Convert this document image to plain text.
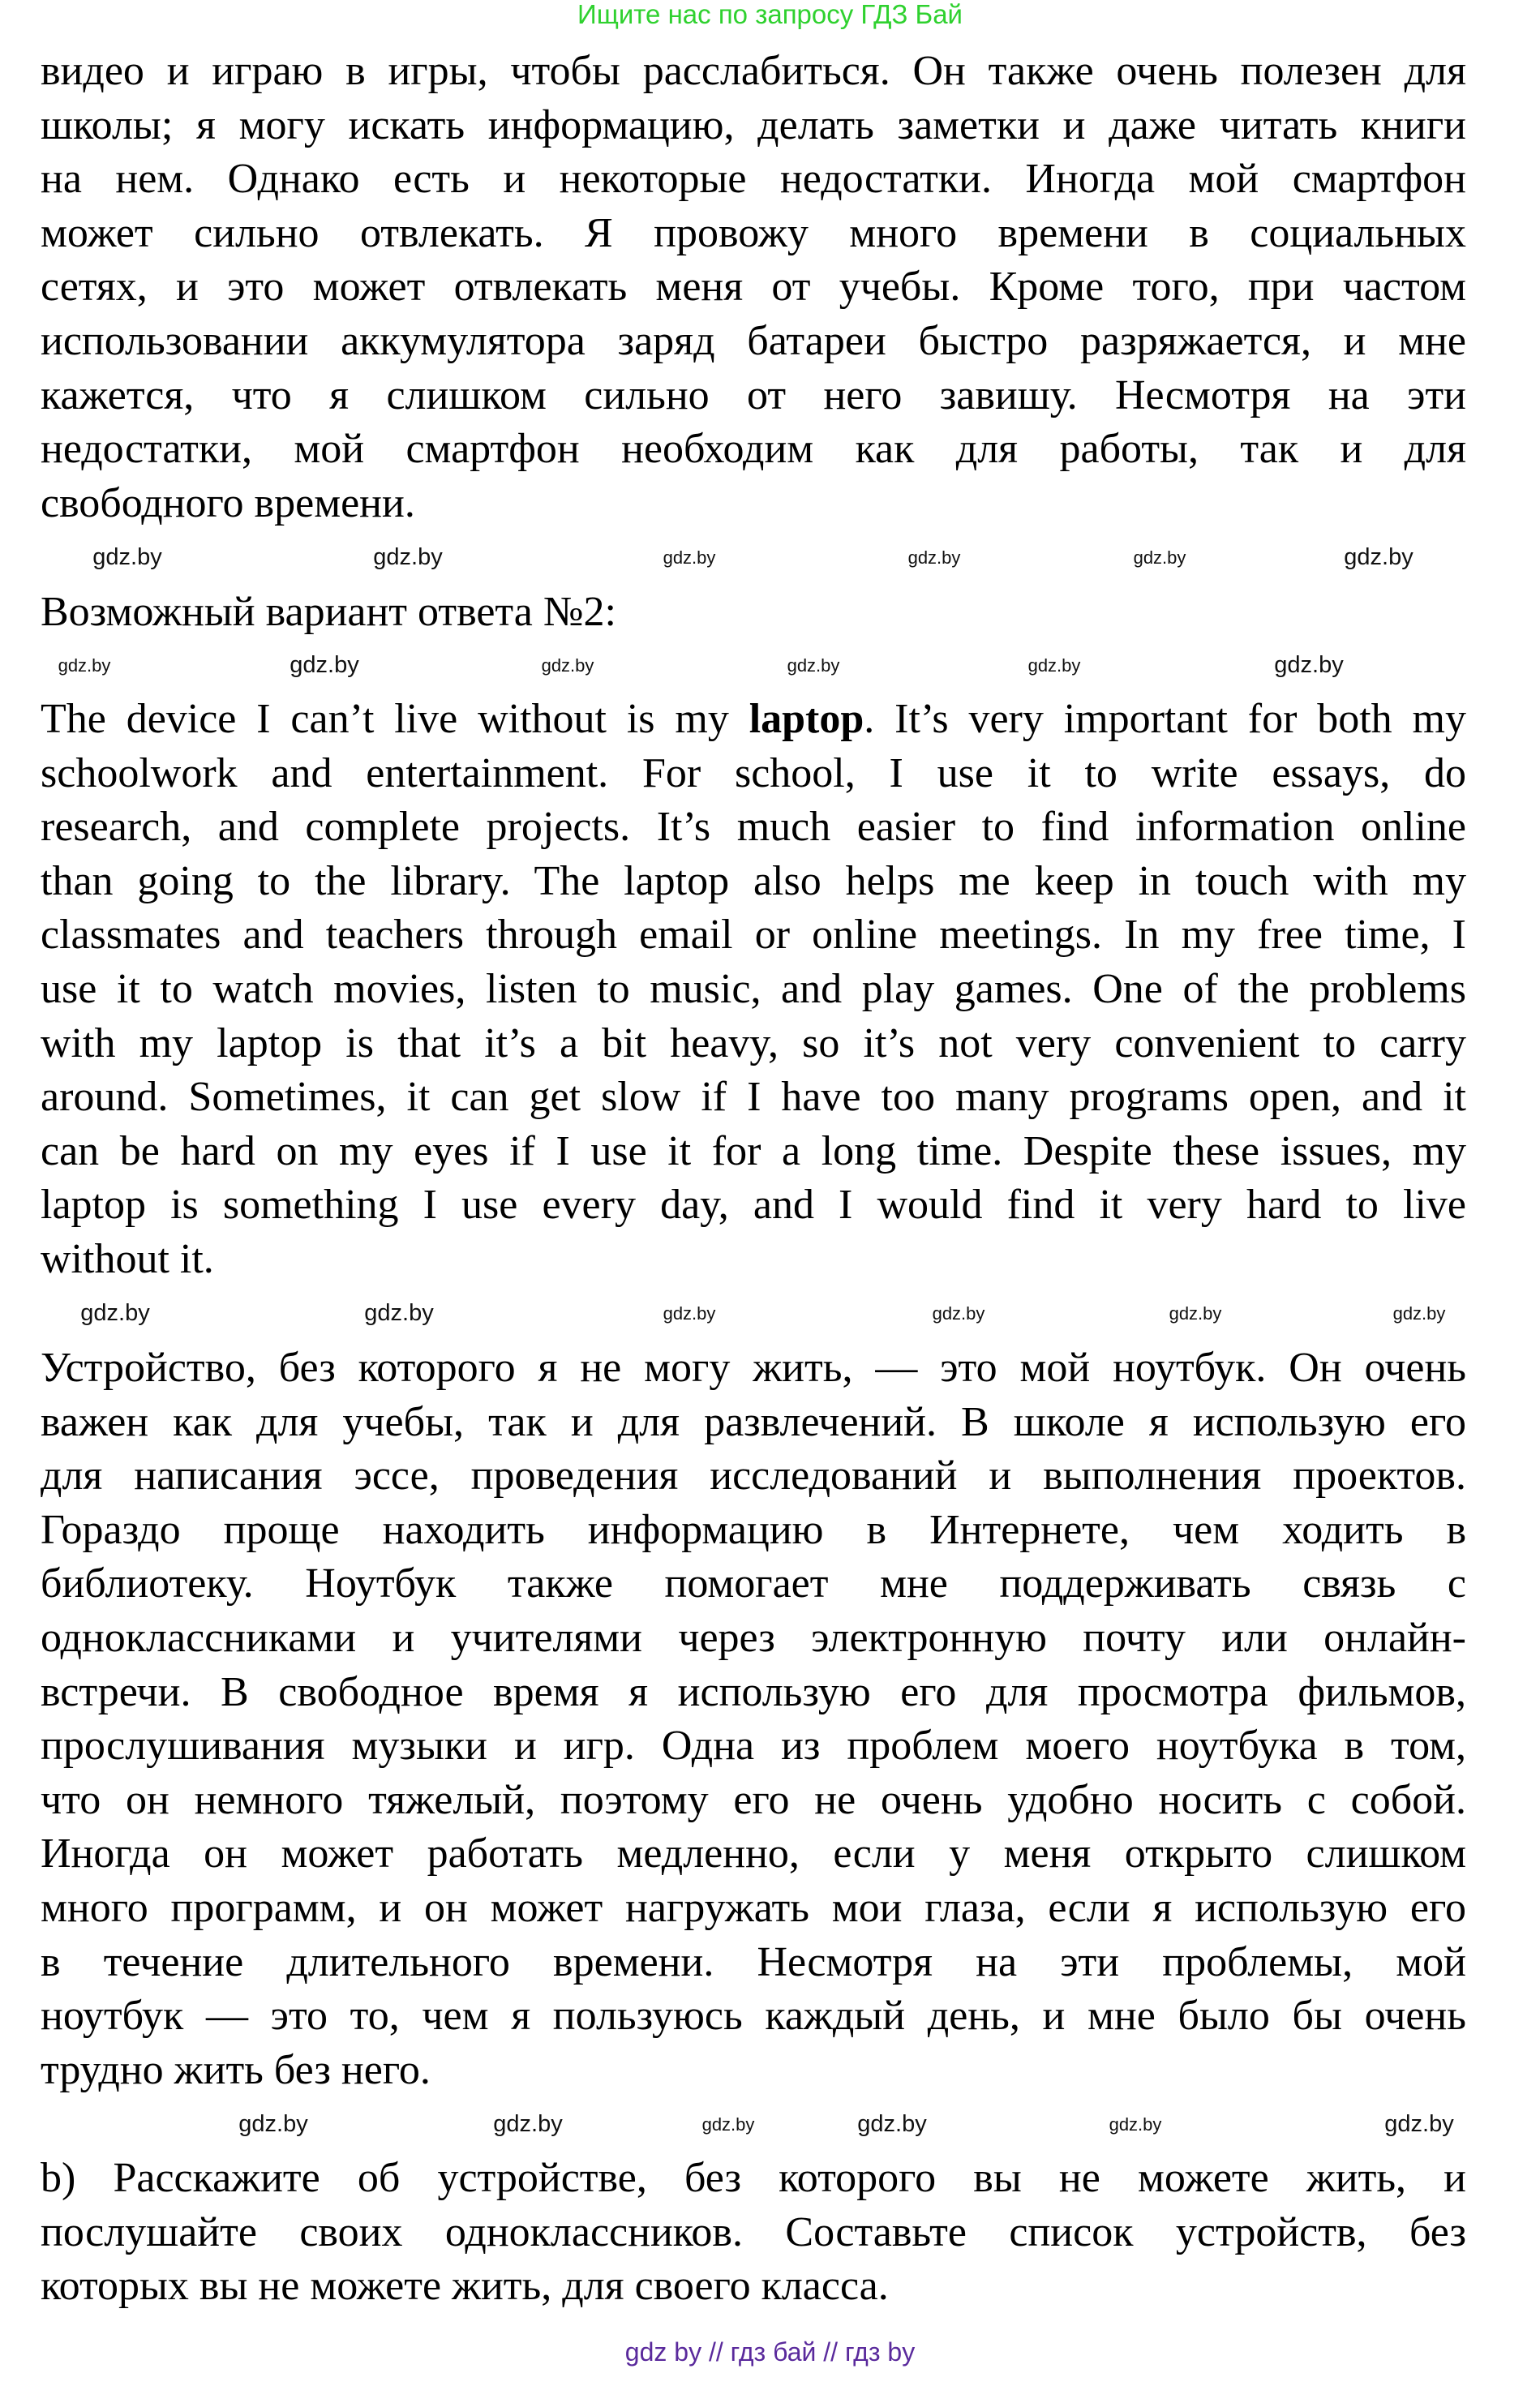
Ищите нас по запросу ГДЗ Бай
видео и играю в игры, чтобы расслабиться. Он также очень полезен для
школы; я могу искать информацию, делать заметки и даже читать книги
на нем. Однако есть и некоторые недостатки. Иногда мой смартфон
может сильно отвлекать. Я провожу много времени в социальных
сетях, и это может отвлекать меня от учебы. Кроме того, при частом
использовании аккумулятора заряд батареи быстро разряжается, и мне
кажется, что я слишком сильно от него завишу. Несмотря на эти
недостатки, мой смартфон необходим как для работы, так и для
свободного времени.
Возможный вариант ответа №2:
The device I can’t live without is my laptop. It’s very important for both my
schoolwork and entertainment. For school, I use it to write essays, do
research, and complete projects. It’s much easier to find information online
than going to the library. The laptop also helps me keep in touch with my
classmates and teachers through email or online meetings. In my free time, I
use it to watch movies, listen to music, and play games. One of the problems
with my laptop is that it’s a bit heavy, so it’s not very convenient to carry
around. Sometimes, it can get slow if I have too many programs open, and it
can be hard on my eyes if I use it for a long time. Despite these issues, my
laptop is something I use every day, and I would find it very hard to live
without it.
Устройство, без которого я не могу жить, — это мой ноутбук. Он очень
важен как для учебы, так и для развлечений. В школе я использую его
для написания эссе, проведения исследований и выполнения проектов.
Гораздо проще находить информацию в Интернете, чем ходить в
библиотеку. Ноутбук также помогает мне поддерживать связь с
одноклассниками и учителями через электронную почту или онлайн-
встречи. В свободное время я использую его для просмотра фильмов,
прослушивания музыки и игр. Одна из проблем моего ноутбука в том,
что он немного тяжелый, поэтому его не очень удобно носить с собой.
Иногда он может работать медленно, если у меня открыто слишком
много программ, и он может нагружать мои глаза, если я использую его
в течение длительного времени. Несмотря на эти проблемы, мой
ноутбук — это то, чем я пользуюсь каждый день, и мне было бы очень
трудно жить без него.
b) Расскажите об устройстве, без которого вы не можете жить, и
послушайте своих одноклассников. Составьте список устройств, без
которых вы не можете жить, для своего класса.
gdz.by	gdz.by	gdz.by	gdz.by	gdz.by	gdz.by
gdz.by	gdz.by	gdz.by	gdz.by	gdz.by	gdz.by
gdz.by	gdz.by	gdz.by	gdz.by	gdz.by	gdz.by
gdz.by	gdz.by	gdz.by	gdz.by	gdz.by	gdz.by
gdz by // гдз бай // гдз by
